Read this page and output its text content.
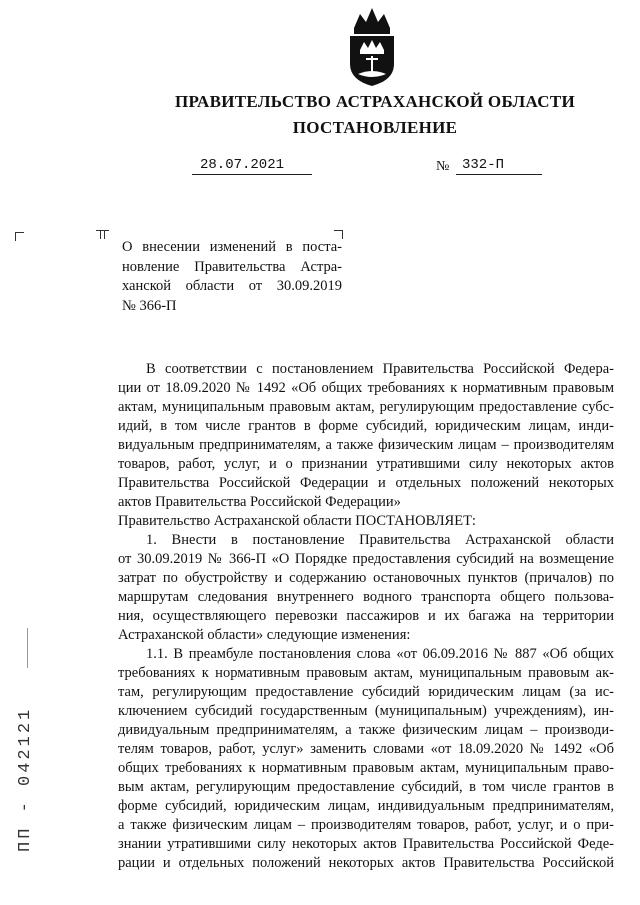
ПРАВИТЕЛЬСТВО АСТРАХАНСКОЙ ОБЛАСТИ
ПОСТАНОВЛЕНИЕ
28.07.2021	№ 332-П
О внесении изменений в поста-
новление Правительства Астра-
ханской области от 30.09.2019
№ 366-П
В соответствии с постановлением Правительства Российской Федера-
ции от 18.09.2020 № 1492 «Об общих требованиях к нормативным правовым
актам, муниципальным правовым актам, регулирующим предоставление субс-
идий, в том числе грантов в форме субсидий, юридическим лицам, инди-
видуальным предпринимателям, а также физическим лицам – производителям
товаров, работ, услуг, и о признании утратившими силу некоторых актов
Правительства Российской Федерации и отдельных положений некоторых
актов Правительства Российской Федерации»
Правительство Астраханской области ПОСТАНОВЛЯЕТ:
1. Внести в постановление Правительства Астраханской области
от 30.09.2019 № 366-П «О Порядке предоставления субсидий на возмещение
затрат по обустройству и содержанию остановочных пунктов (причалов) по
маршрутам следования внутреннего водного транспорта общего пользова-
ния, осуществляющего перевозки пассажиров и их багажа на территории
Астраханской области» следующие изменения:
1.1. В преамбуле постановления слова «от 06.09.2016 № 887 «Об общих
требованиях к нормативным правовым актам, муниципальным правовым ак-
там, регулирующим предоставление субсидий юридическим лицам (за ис-
ключением субсидий государственным (муниципальным) учреждениям), ин-
дивидуальным предпринимателям, а также физическим лицам – производи-
телям товаров, работ, услуг» заменить словами «от 18.09.2020 № 1492 «Об
общих требованиях к нормативным правовым актам, муниципальным право-
вым актам, регулирующим предоставление субсидий, в том числе грантов в
форме субсидий, юридическим лицам, индивидуальным предпринимателям,
а также физическим лицам – производителям товаров, работ, услуг, и о при-
знании утратившими силу некоторых актов Правительства Российской Феде-
рации и отдельных положений некоторых актов Правительства Российской
ПП - 042121
